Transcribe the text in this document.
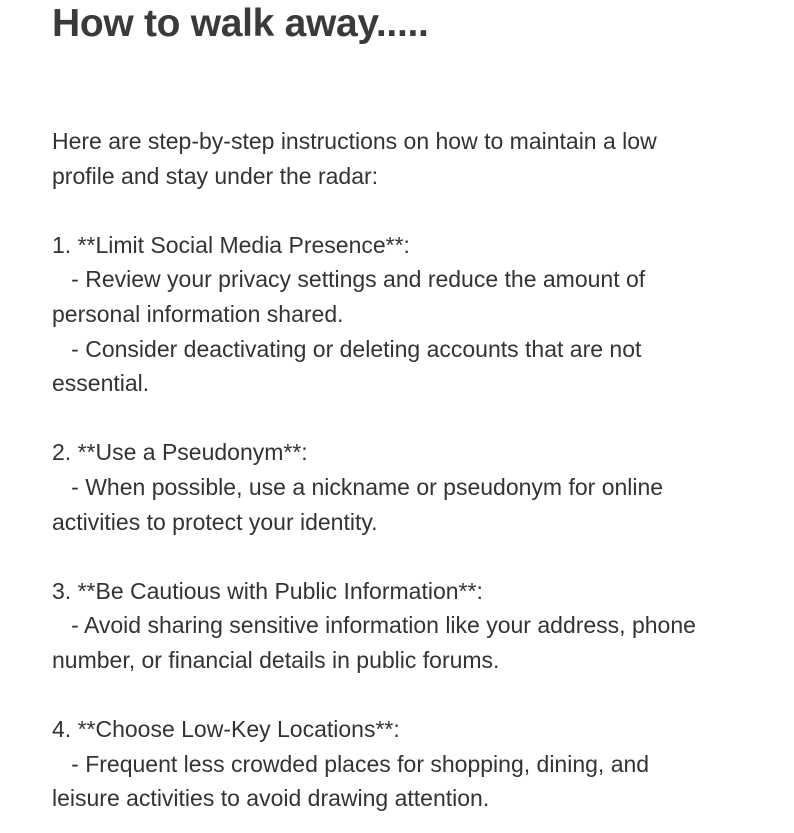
How to walk away.....
Here are step-by-step instructions on how to maintain a low
profile and stay under the radar:
1. **Limit Social Media Presence**:
- Review your privacy settings and reduce the amount of
personal information shared.
- Consider deactivating or deleting accounts that are not
essential.
2. **Use a Pseudonym**:
- When possible, use a nickname or pseudonym for online
activities to protect your identity.
3. **Be Cautious with Public Information**:
- Avoid sharing sensitive information like your address, phone
number, or financial details in public forums.
4. **Choose Low-Key Locations**:
- Frequent less crowded places for shopping, dining, and
leisure activities to avoid drawing attention.
